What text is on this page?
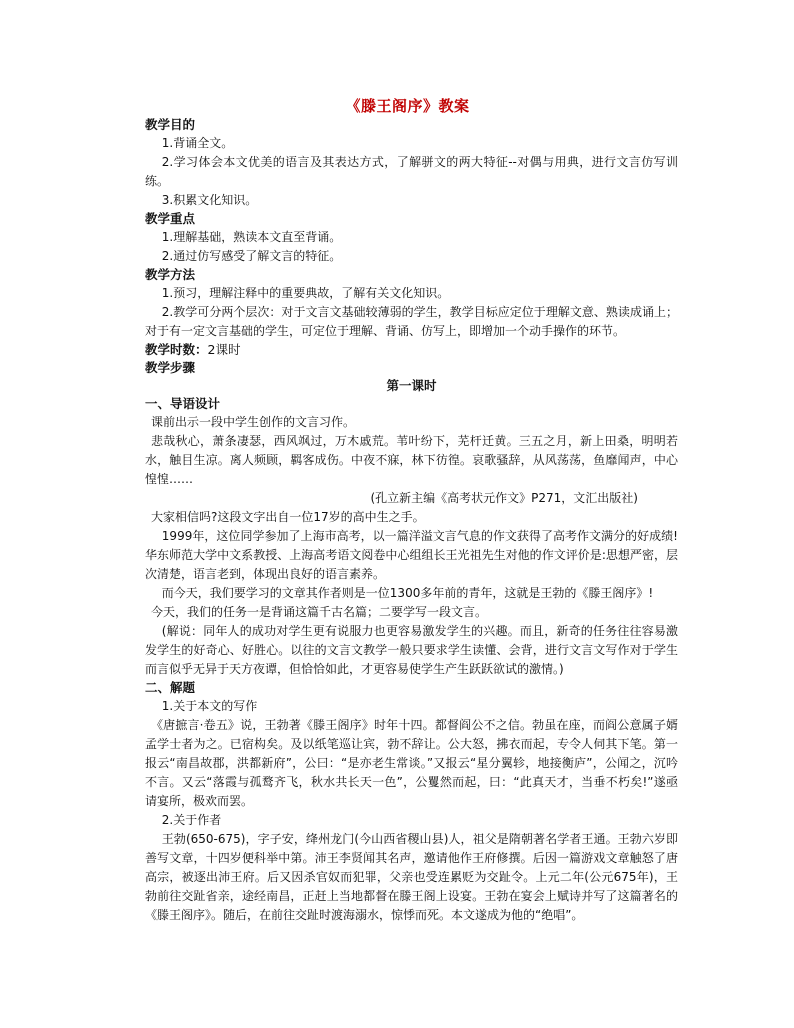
《滕王阁序》教案
教学目的
1.背诵全文。
2.学习体会本文优美的语言及其表达方式，了解骈文的两大特征--对偶与用典，进行文言仿写训练。
3.积累文化知识。
教学重点
1.理解基础，熟读本文直至背诵。
2.通过仿写感受了解文言的特征。
教学方法
1.预习，理解注释中的重要典故，了解有关文化知识。
2.教学可分两个层次：对于文言文基础较薄弱的学生，教学目标应定位于理解文意、熟读成诵上；对于有一定文言基础的学生，可定位于理解、背诵、仿写上，即增加一个动手操作的环节。
教学时数：2课时
教学步骤
第一课时
一、导语设计
课前出示一段中学生创作的文言习作。
悲哉秋心，萧条凄瑟，西风飒过，万木戚荒。苇叶纷下，芜杆迁黄。三五之月，新上田桑，明明若水，触目生凉。离人频顾，羁客成伤。中夜不寐，林下彷徨。哀歌骚辞，从风荡荡，鱼靡闻声，中心惶惶……
(孔立新主编《高考状元作文》P271，文汇出版社)
大家相信吗?这段文字出自一位17岁的高中生之手。
1999年，这位同学参加了上海市高考，以一篇洋溢文言气息的作文获得了高考作文满分的好成绩!华东师范大学中文系教授、上海高考语文阅卷中心组组长王光祖先生对他的作文评价是:思想严密，层次清楚，语言老到，体现出良好的语言素养。
而今天，我们要学习的文章其作者则是一位1300多年前的青年，这就是王勃的《滕王阁序》!
今天，我们的任务一是背诵这篇千古名篇；二要学写一段文言。
(解说：同年人的成功对学生更有说服力也更容易激发学生的兴趣。而且，新奇的任务往往容易激发学生的好奇心、好胜心。以往的文言文教学一般只要求学生读懂、会背，进行文言文写作对于学生而言似乎无异于天方夜谭，但恰恰如此，才更容易使学生产生跃跃欲试的激情。)
二、解题
1.关于本文的写作
《唐摭言·卷五》说，王勃著《滕王阁序》时年十四。都督阎公不之信。勃虽在座，而阎公意属子婿孟学士者为之。已宿构矣。及以纸笔巡让宾，勃不辞让。公大怒，拂衣而起，专令人伺其下笔。第一报云“南昌故郡，洪都新府”，公曰：“是亦老生常谈。”又报云“星分翼轸，地接衡庐”，公闻之，沉吟不言。又云“落霞与孤鹜齐飞，秋水共长天一色”，公矍然而起，曰：“此真天才，当垂不朽矣!”遂亟请宴所，极欢而罢。
2.关于作者
王勃(650-675)，字子安，绛州龙门(今山西省稷山县)人，祖父是隋朝著名学者王通。王勃六岁即善写文章，十四岁便科举中第。沛王李贤闻其名声，邀请他作王府修撰。后因一篇游戏文章触怒了唐高宗，被逐出沛王府。后又因杀官奴而犯罪，父亲也受连累贬为交趾令。上元二年(公元675年)，王勃前往交趾省亲，途经南昌，正赶上当地都督在滕王阁上设宴。王勃在宴会上赋诗并写了这篇著名的《滕王阁序》。随后，在前往交趾时渡海溺水，惊悸而死。本文遂成为他的“绝唱”。
